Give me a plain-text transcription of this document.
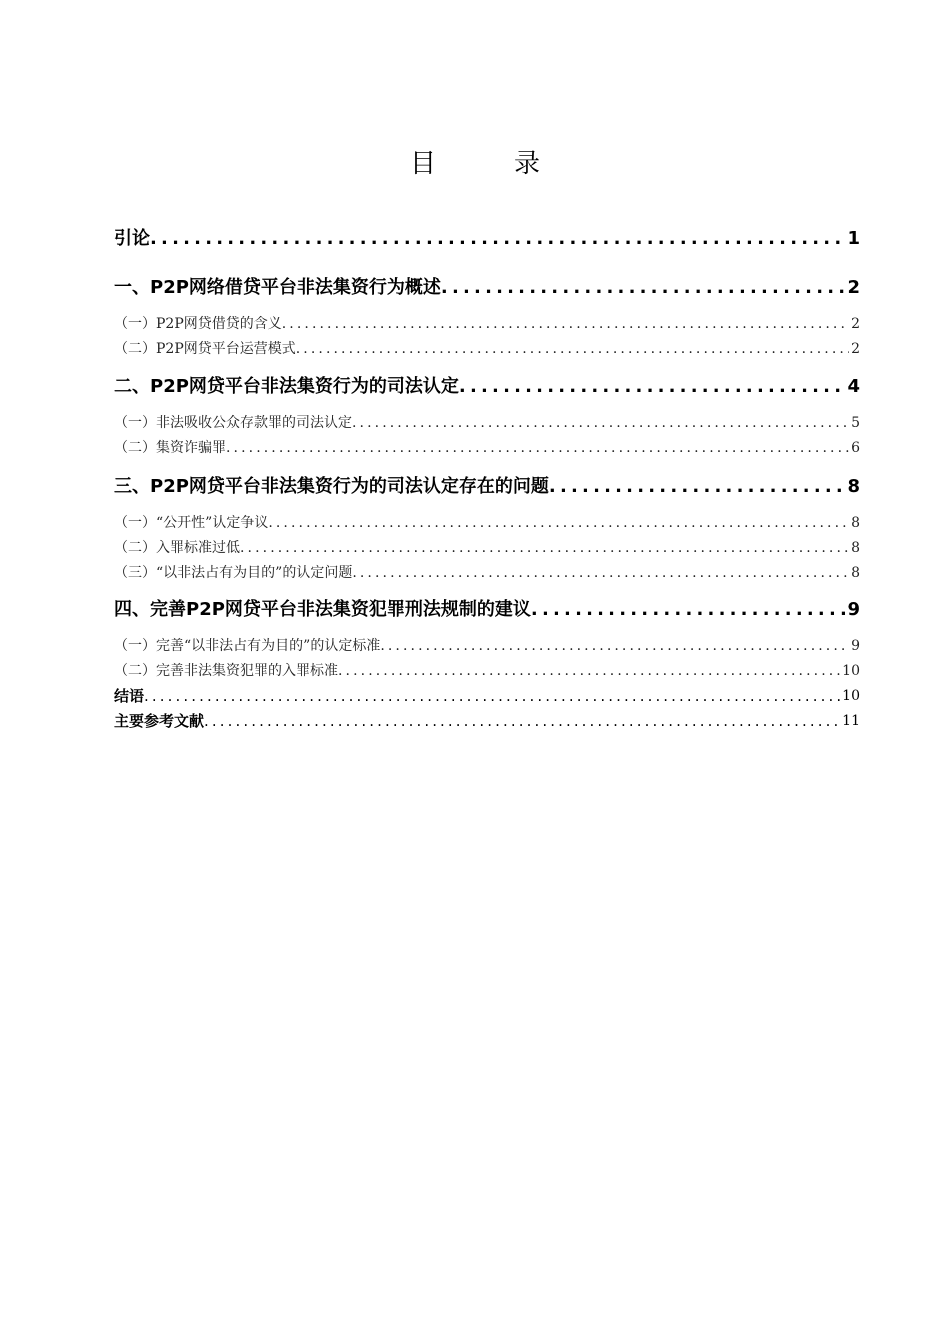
目　录
引论 .....	1
一、P2P网络借贷平台非法集资行为概述 .....	2
（一）P2P网贷借贷的含义 .....	2
（二）P2P网贷平台运营模式 .....	2
二、P2P网贷平台非法集资行为的司法认定 .....	4
（一）非法吸收公众存款罪的司法认定 .....	5
（二）集资诈骗罪 .....	6
三、P2P网贷平台非法集资行为的司法认定存在的问题 .....	8
（一）“公开性”认定争议 .....	8
（二）入罪标准过低 .....	8
（三）“以非法占有为目的”的认定问题 .....	8
四、完善P2P网贷平台非法集资犯罪刑法规制的建议 .....	9
（一）完善“以非法占有为目的”的认定标准 .....	9
（二）完善非法集资犯罪的入罪标准 .....	10
结语 .....	10
主要参考文献 .....	11
